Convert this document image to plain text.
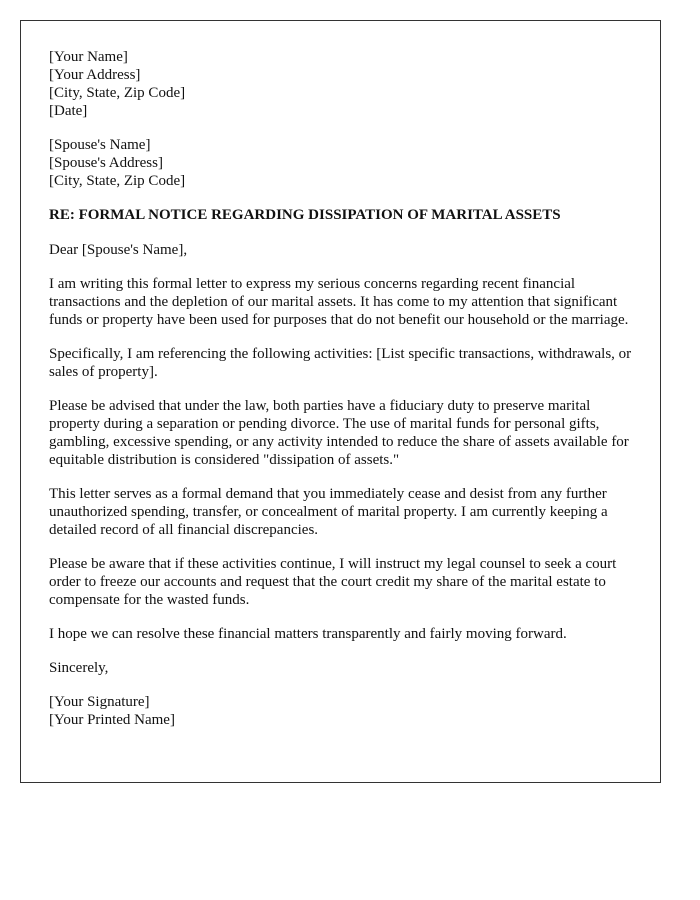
[Your Name]
[Your Address]
[City, State, Zip Code]
[Date]
[Spouse's Name]
[Spouse's Address]
[City, State, Zip Code]

RE: FORMAL NOTICE REGARDING DISSIPATION OF MARITAL ASSETS

Dear [Spouse's Name],

I am writing this formal letter to express my serious concerns regarding recent financial transactions and the depletion of our marital assets. It has come to my attention that significant funds or property have been used for purposes that do not benefit our household or the marriage.

Specifically, I am referencing the following activities: [List specific transactions, withdrawals, or sales of property].

Please be advised that under the law, both parties have a fiduciary duty to preserve marital property during a separation or pending divorce. The use of marital funds for personal gifts, gambling, excessive spending, or any activity intended to reduce the share of assets available for equitable distribution is considered "dissipation of assets."

This letter serves as a formal demand that you immediately cease and desist from any further unauthorized spending, transfer, or concealment of marital property. I am currently keeping a detailed record of all financial discrepancies.

Please be aware that if these activities continue, I will instruct my legal counsel to seek a court order to freeze our accounts and request that the court credit my share of the marital estate to compensate for the wasted funds.

I hope we can resolve these financial matters transparently and fairly moving forward.

Sincerely,

[Your Signature]
[Your Printed Name]
